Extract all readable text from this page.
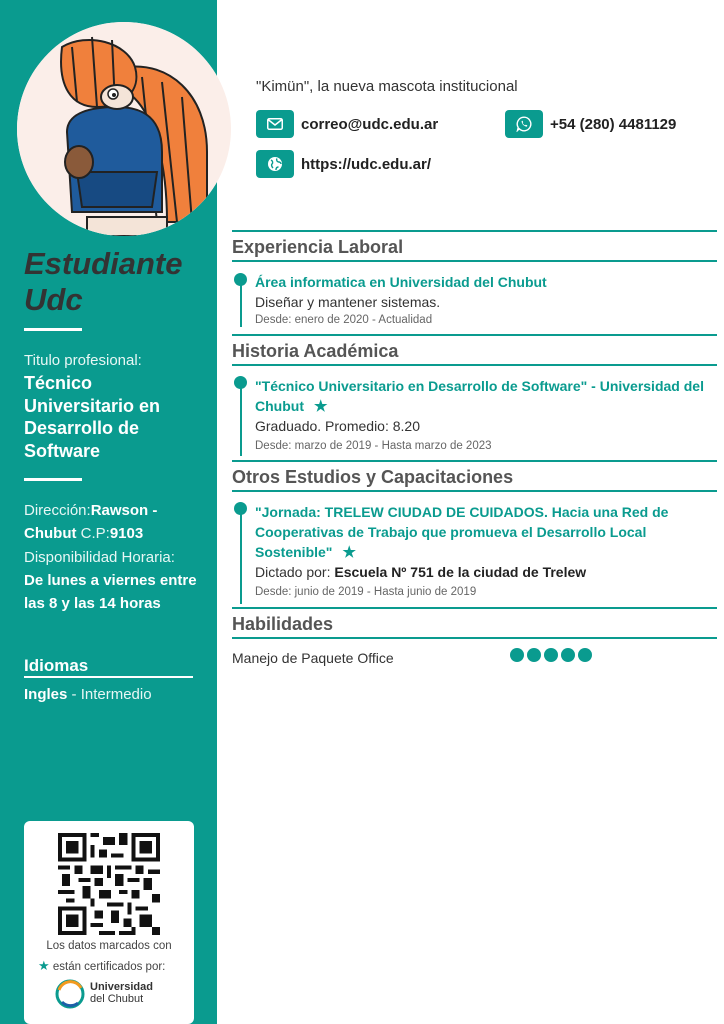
Titulo profesional:
Técnico Universitario en Desarrollo de Software
Dirección:Rawson - Chubut C.P:9103
Disponibilidad Horaria:
De lunes a viernes entre las 8 y las 14 horas
Idiomas
Ingles - Intermedio
Los datos marcados con
★ están certificados por:
Universidad
del Chubut
Estudiante Udc
"Kimün", la nueva mascota institucional
correo@udc.edu.ar	+54 (280) 4481129
https://udc.edu.ar/
Experiencia Laboral
Área informatica en Universidad del Chubut
Diseñar y mantener sistemas.
Desde: enero de 2020 - Actualidad
Historia Académica
"Técnico Universitario en Desarrollo de Software" - Universidad del Chubut ★
Graduado. Promedio: 8.20
Desde: marzo de 2019 - Hasta marzo de 2023
Otros Estudios y Capacitaciones
"Jornada: TRELEW CIUDAD DE CUIDADOS. Hacia una Red de Cooperativas de Trabajo que promueva el Desarrollo Local Sostenible" ★
Dictado por: Escuela Nº 751 de la ciudad de Trelew
Desde: junio de 2019 - Hasta junio de 2019
Habilidades
Manejo de Paquete Office
